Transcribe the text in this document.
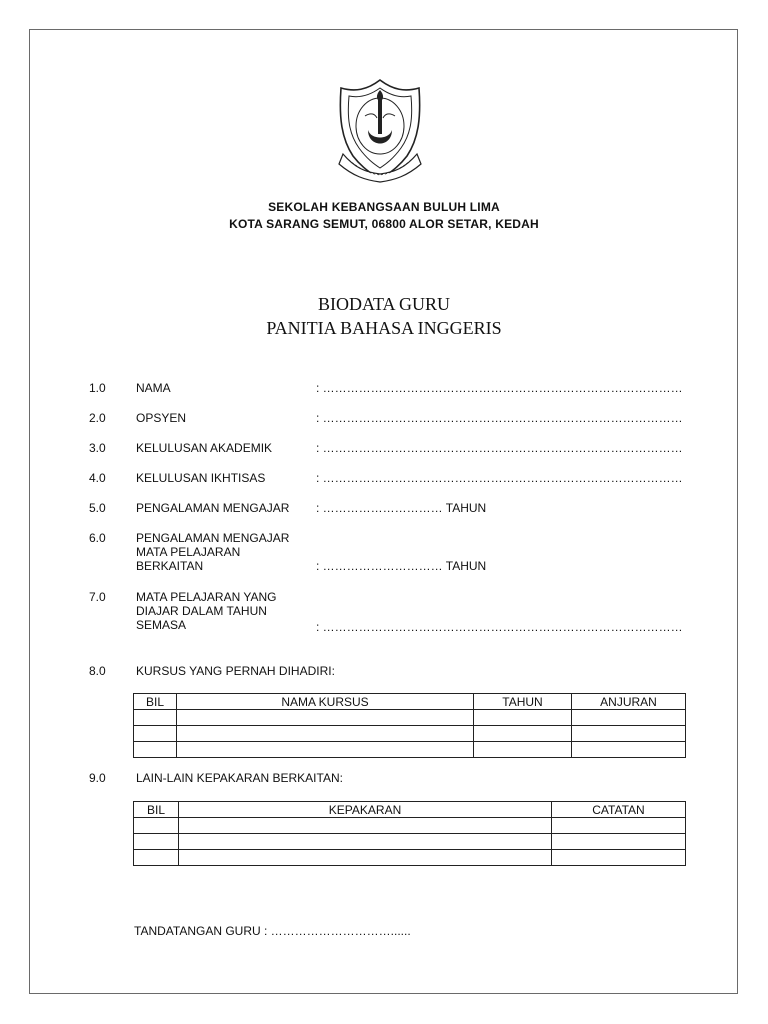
SEKOLAH KEBANGSAAN BULUH LIMA
KOTA SARANG SEMUT, 06800 ALOR SETAR, KEDAH
BIODATA GURU
PANITIA BAHASA INGGERIS
1.0	NAMA	: ………………………………………………………………………………
2.0	OPSYEN	: ………………………………………………………………………………
3.0	KELULUSAN AKADEMIK	: ………………………………………………………………………………
4.0	KELULUSAN IKHTISAS	: ………………………………………………………………………………
5.0	PENGALAMAN MENGAJAR	: ………………………… TAHUN
6.0	PENGALAMAN MENGAJAR MATA PELAJARAN BERKAITAN	: ………………………… TAHUN
7.0	MATA PELAJARAN YANG DIAJAR DALAM TAHUN SEMASA	: ………………………………………………………………………………
8.0	KURSUS YANG PERNAH DIHADIRI:
BIL	NAMA KURSUS	TAHUN	ANJURAN

9.0	LAIN-LAIN KEPAKARAN BERKAITAN:
BIL	KEPAKARAN	CATATAN

TANDATANGAN GURU : …………………………......
